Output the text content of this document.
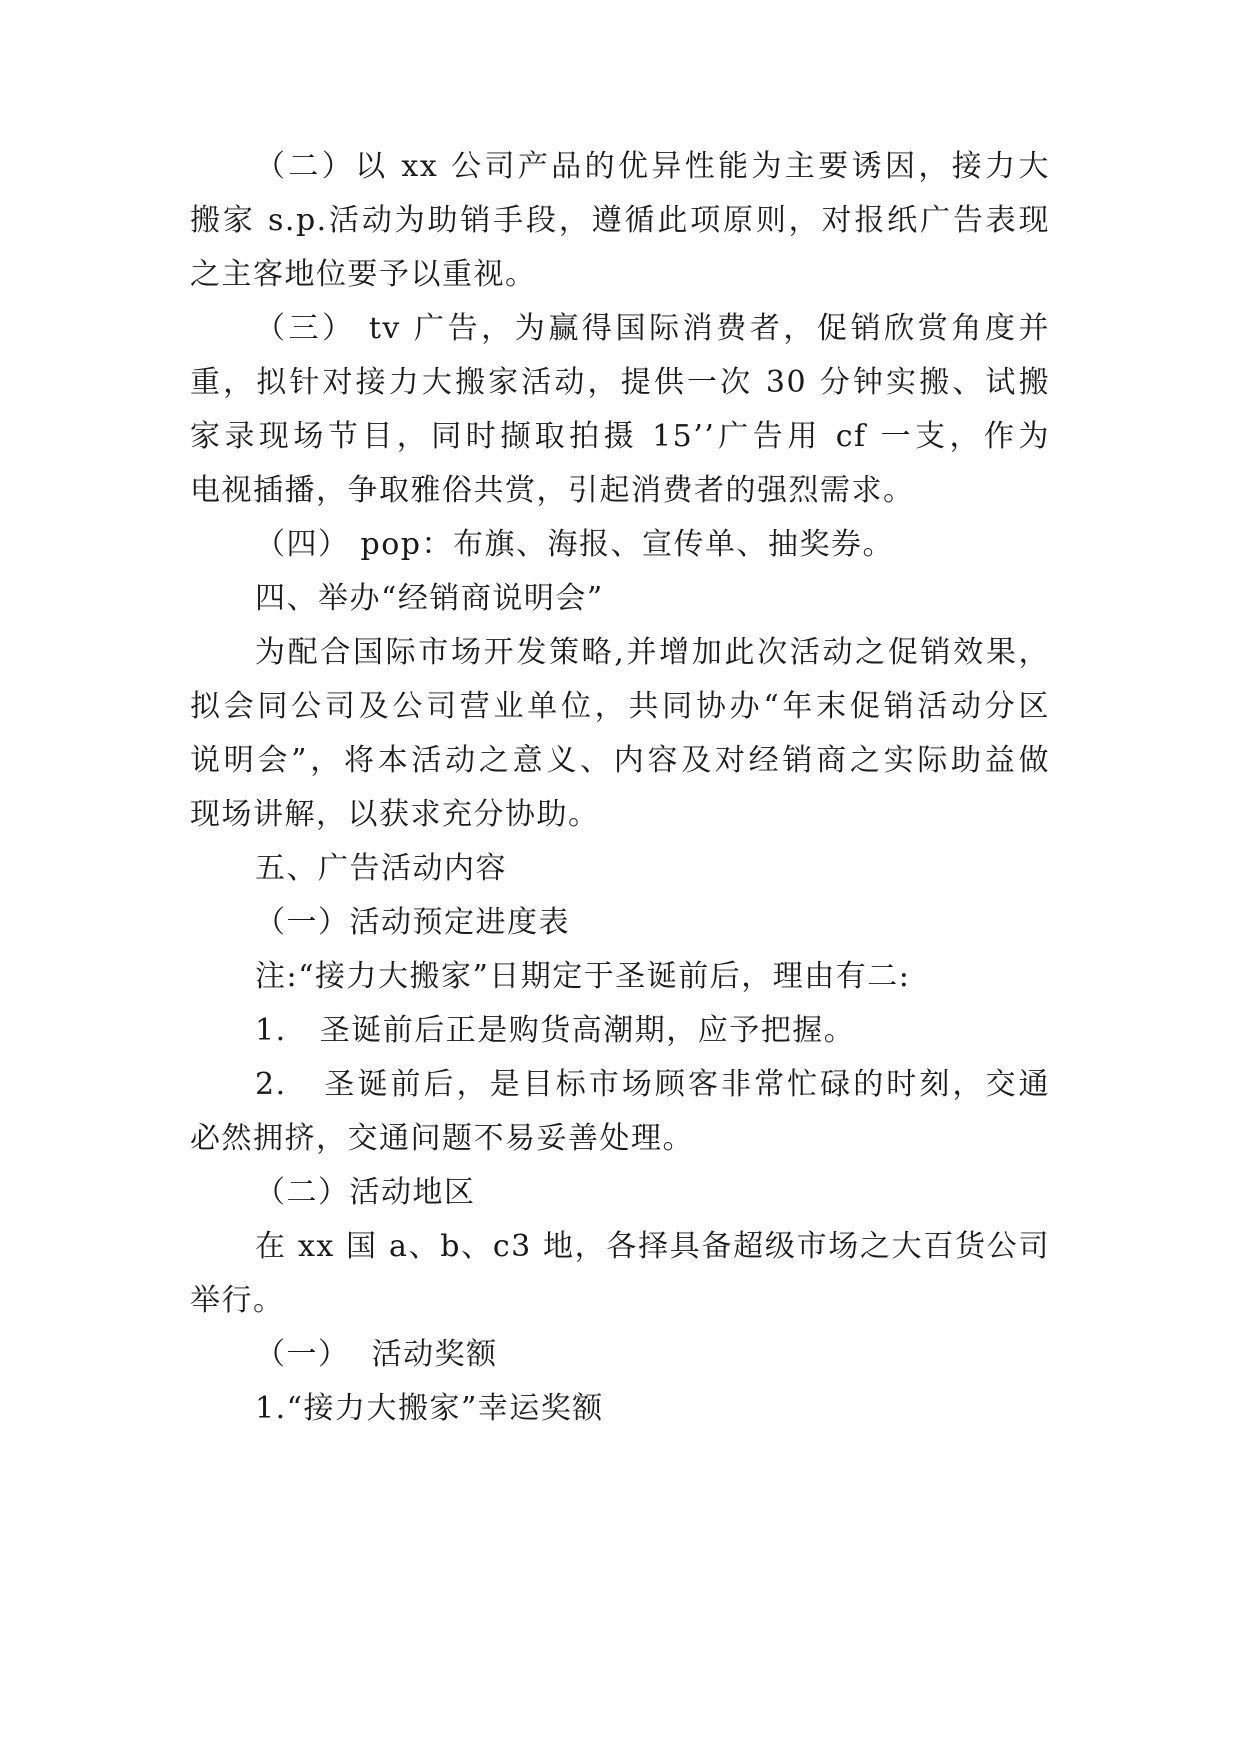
（二）以 xx 公司产品的优异性能为主要诱因，接力大
搬家 s.p.活动为助销手段，遵循此项原则，对报纸广告表现
之主客地位要予以重视。
（三） tv 广告，为赢得国际消费者，促销欣赏角度并
重，拟针对接力大搬家活动，提供一次 30 分钟实搬、试搬
家录现场节目，同时撷取拍摄 15’’广告用 cf 一支，作为
电视插播，争取雅俗共赏，引起消费者的强烈需求。
（四） pop：布旗、海报、宣传单、抽奖券。
四、举办“经销商说明会”
为配合国际市场开发策略,并增加此次活动之促销效果，
拟会同公司及公司营业单位，共同协办“年末促销活动分区
说明会”，将本活动之意义、内容及对经销商之实际助益做
现场讲解，以获求充分协助。
五、广告活动内容
（一）活动预定进度表
注:“接力大搬家”日期定于圣诞前后，理由有二:
1.   圣诞前后正是购货高潮期，应予把握。
2.   圣诞前后，是目标市场顾客非常忙碌的时刻，交通
必然拥挤，交通问题不易妥善处理。
（二）活动地区
在 xx 国 a、b、c3 地，各择具备超级市场之大百货公司
举行。
（一）  活动奖额
1.“接力大搬家”幸运奖额
